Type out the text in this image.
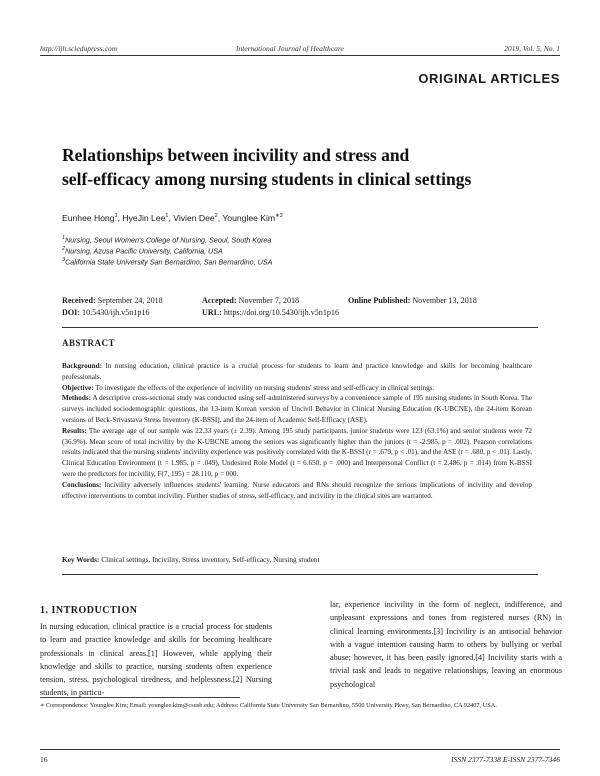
http://ijh.sciedupress.com	International Journal of Healthcare	2019, Vol. 5, No. 1
ORIGINAL ARTICLES
Relationships between incivility and stress and
self-efficacy among nursing students in clinical settings
Eunhee Hong$^1$, HyeJin Lee$^1$, Vivien Dee$^2$, Younglee Kim$^{∗3}$
$^1$Nursing, Seoul Women's College of Nursing, Seoul, South Korea
$^2$Nursing, Azusa Pacific University, California, USA
$^3$California State University San Bernardino, San Bernardino, USA
Received: September 24, 2018	Accepted: November 7, 2018	Online Published: November 13, 2018
DOI: 10.5430/ijh.v5n1p16	URL: https://doi.org/10.5430/ijh.v5n1p16
ABSTRACT

Background: In nursing education, clinical practice is a crucial process for students to learn and practice knowledge and skills for becoming healthcare professionals.

Objective: To investigate the effects of the experience of incivility on nursing students' stress and self-efficacy in clinical settings.

Methods: A descriptive cross-sectional study was conducted using self-administered surveys by a convenience sample of 195 nursing students in South Korea. The surveys included sociodemographic questions, the 13-item Korean version of Uncivil Behavior in Clinical Nursing Education (K-UBCNE), the 24-item Korean versions of Beck-Srivastava Stress Inventory (K-BSSI), and the 24-item of Academic Self-Efficacy (ASE).

Results: The average age of our sample was 22.33 years (± 2.39). Among 195 study participants, junior students were 123 (63.1%) and senior students were 72 (36.9%). Mean score of total incivility by the K-UBCNE among the seniors was significantly higher than the juniors (t = -2.985, p = .002). Pearson correlations results indicated that the nursing students' incivility experience was positively correlated with the K-BSSI (r = .679, p < .01), and the ASE (r = .680, p < .01). Lastly, Clinical Education Environment (t = 1.985, p = .049), Undesired Role Model (t = 6.650, p = .000) and Interpersonal Conflict (t = 2.486, p = .014) from K-BSSI were the predictors for incivility, F(7, 195) = 28.110, p = 000.

Conclusions: Incivility adversely influences students' learning. Nurse educators and RNs should recognize the serious implications of incivility and develop effective interventions to combat incivility. Further studies of stress, self-efficacy, and incivility in the clinical sites are warranted.

Key Words: Clinical settings, Incivility, Stress inventory, Self-efficacy, Nursing student
1. INTRODUCTION

In nursing education, clinical practice is a crucial process for students to learn and practice knowledge and skills for becoming healthcare professionals in clinical areas.[1] However, while applying their knowledge and skills to practice, nursing students often experience tension, stress, psychological tiredness, and helplessness.[2] Nursing students, in particu-

lar, experience incivility in the form of neglect, indifference, and unpleasant expressions and tones from registered nurses (RN) in clinical learning environments.[3] Incivility is an antisocial behavior with a vague intention causing harm to others by bullying or verbal abuse; however, it has been easily ignored.[4] Incivility starts with a trivial task and leads to negative relationships, leaving an enormous psychological

∗ Correspondence: Younglee Kim; Email: younglee.kim@csusb.edu; Address: California State University San Bernardino, 5500 University Pkwy, San Bernardino, CA 92407, USA.
16	ISSN 2377-7338 E-ISSN 2377-7346
